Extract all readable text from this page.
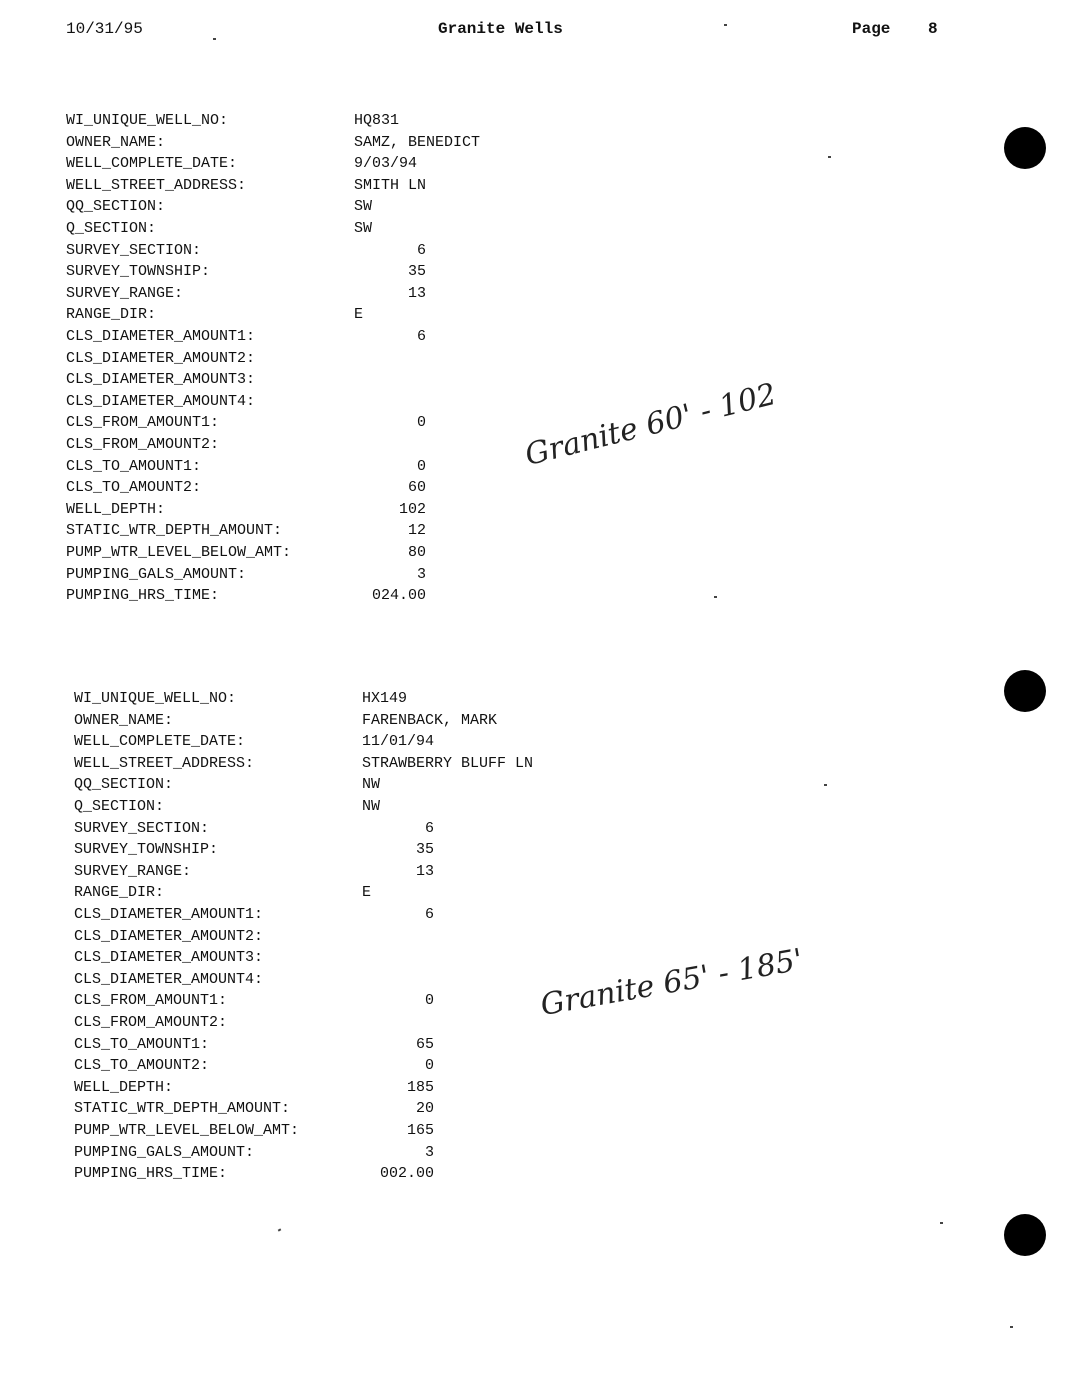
10/31/95	Granite Wells	Page 8
WI_UNIQUE_WELL_NO:	HQ831
OWNER_NAME:	SAMZ, BENEDICT
WELL_COMPLETE_DATE:	9/03/94
WELL_STREET_ADDRESS:	SMITH LN
QQ_SECTION:	SW
Q_SECTION:	SW
SURVEY_SECTION:	6
SURVEY_TOWNSHIP:	35
SURVEY_RANGE:	13
RANGE_DIR:	E
CLS_DIAMETER_AMOUNT1:	6
CLS_DIAMETER_AMOUNT2:
CLS_DIAMETER_AMOUNT3:
CLS_DIAMETER_AMOUNT4:
CLS_FROM_AMOUNT1:	0
CLS_FROM_AMOUNT2:
CLS_TO_AMOUNT1:	0
CLS_TO_AMOUNT2:	60
WELL_DEPTH:	102
STATIC_WTR_DEPTH_AMOUNT:	12
PUMP_WTR_LEVEL_BELOW_AMT:	80
PUMPING_GALS_AMOUNT:	3
PUMPING_HRS_TIME:	024.00
WI_UNIQUE_WELL_NO:	HX149
OWNER_NAME:	FARENBACK, MARK
WELL_COMPLETE_DATE:	11/01/94
WELL_STREET_ADDRESS:	STRAWBERRY BLUFF LN
QQ_SECTION:	NW
Q_SECTION:	NW
SURVEY_SECTION:	6
SURVEY_TOWNSHIP:	35
SURVEY_RANGE:	13
RANGE_DIR:	E
CLS_DIAMETER_AMOUNT1:	6
CLS_DIAMETER_AMOUNT2:
CLS_DIAMETER_AMOUNT3:
CLS_DIAMETER_AMOUNT4:
CLS_FROM_AMOUNT1:	0
CLS_FROM_AMOUNT2:
CLS_TO_AMOUNT1:	65
CLS_TO_AMOUNT2:	0
WELL_DEPTH:	185
STATIC_WTR_DEPTH_AMOUNT:	20
PUMP_WTR_LEVEL_BELOW_AMT:	165
PUMPING_GALS_AMOUNT:	3
PUMPING_HRS_TIME:	002.00
Granite 60' - 102
Granite 65' - 185'
